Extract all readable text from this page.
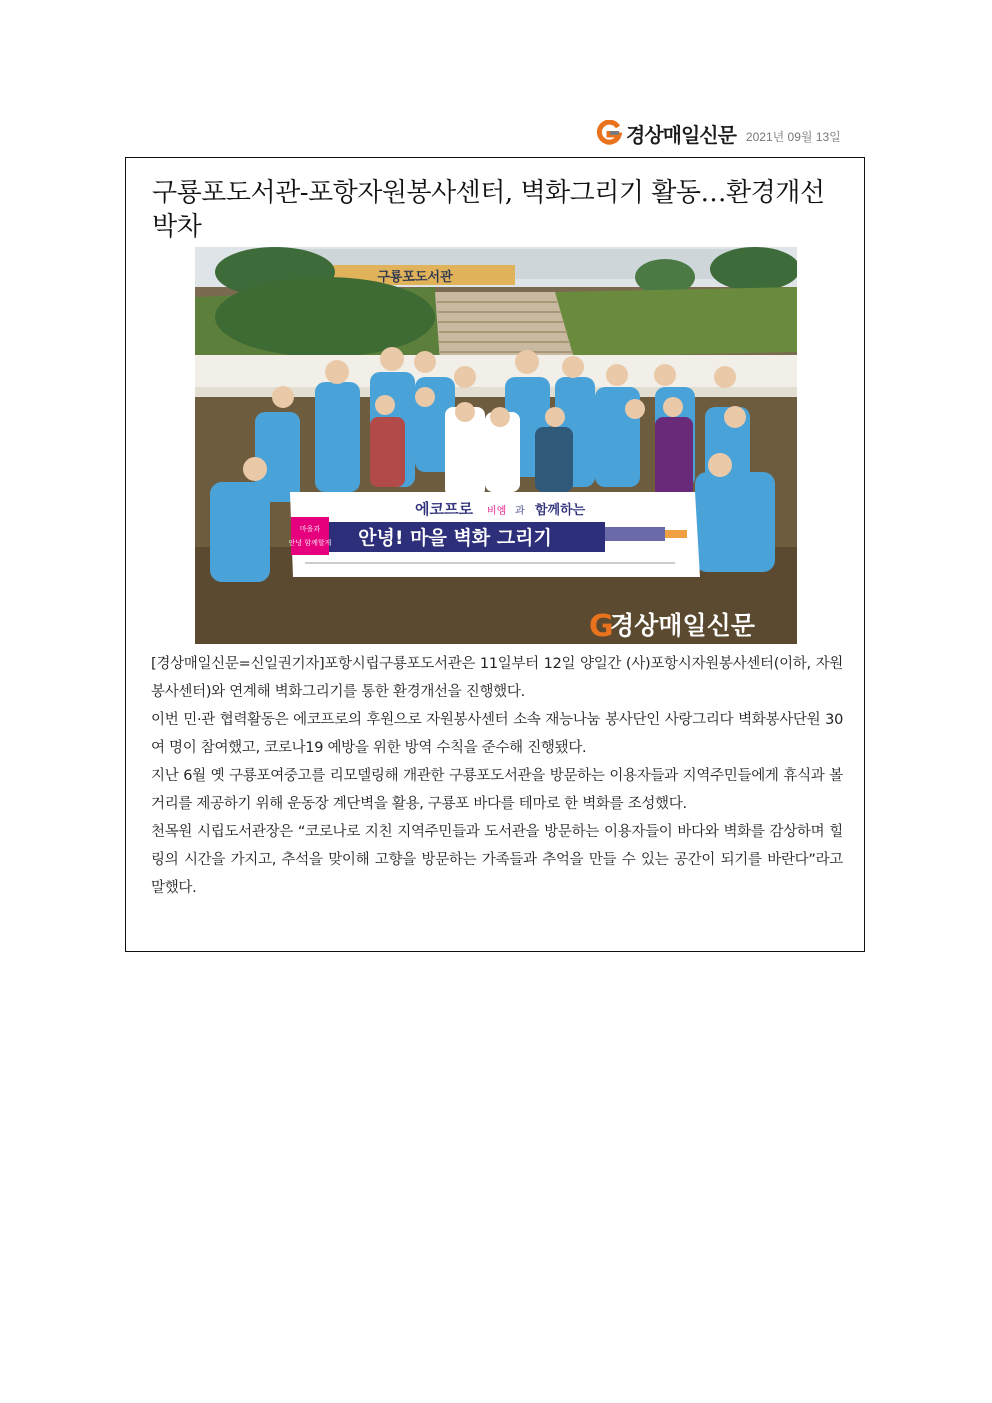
경상매일신문 2021년 09월 13일
구룡포도서관-포항자원봉사센터, 벽화그리기 활동…환경개선 박차
구룡포도서관
마을과
안녕 함께할게
에코프로 비엠 과 함께하는
안녕! 마을 벽화 그리기
G
경상매일신문

[경상매일신문=신일권기자]포항시립구룡포도서관은 11일부터 12일 양일간 (사)포항시자원봉사센터(이하, 자원봉사센터)와 연계해 벽화그리기를 통한 환경개선을 진행했다.

이번 민·관 협력활동은 에코프로의 후원으로 자원봉사센터 소속 재능나눔 봉사단인 사랑그리다 벽화봉사단원 30여 명이 참여했고, 코로나19 예방을 위한 방역 수칙을 준수해 진행됐다.

지난 6월 옛 구룡포여중고를 리모델링해 개관한 구룡포도서관을 방문하는 이용자들과 지역주민들에게 휴식과 볼거리를 제공하기 위해 운동장 계단벽을 활용, 구룡포 바다를 테마로 한 벽화를 조성했다.

천목원 시립도서관장은 “코로나로 지친 지역주민들과 도서관을 방문하는 이용자들이 바다와 벽화를 감상하며 힐링의 시간을 가지고, 추석을 맞이해 고향을 방문하는 가족들과 추억을 만들 수 있는 공간이 되기를 바란다”라고 말했다.
